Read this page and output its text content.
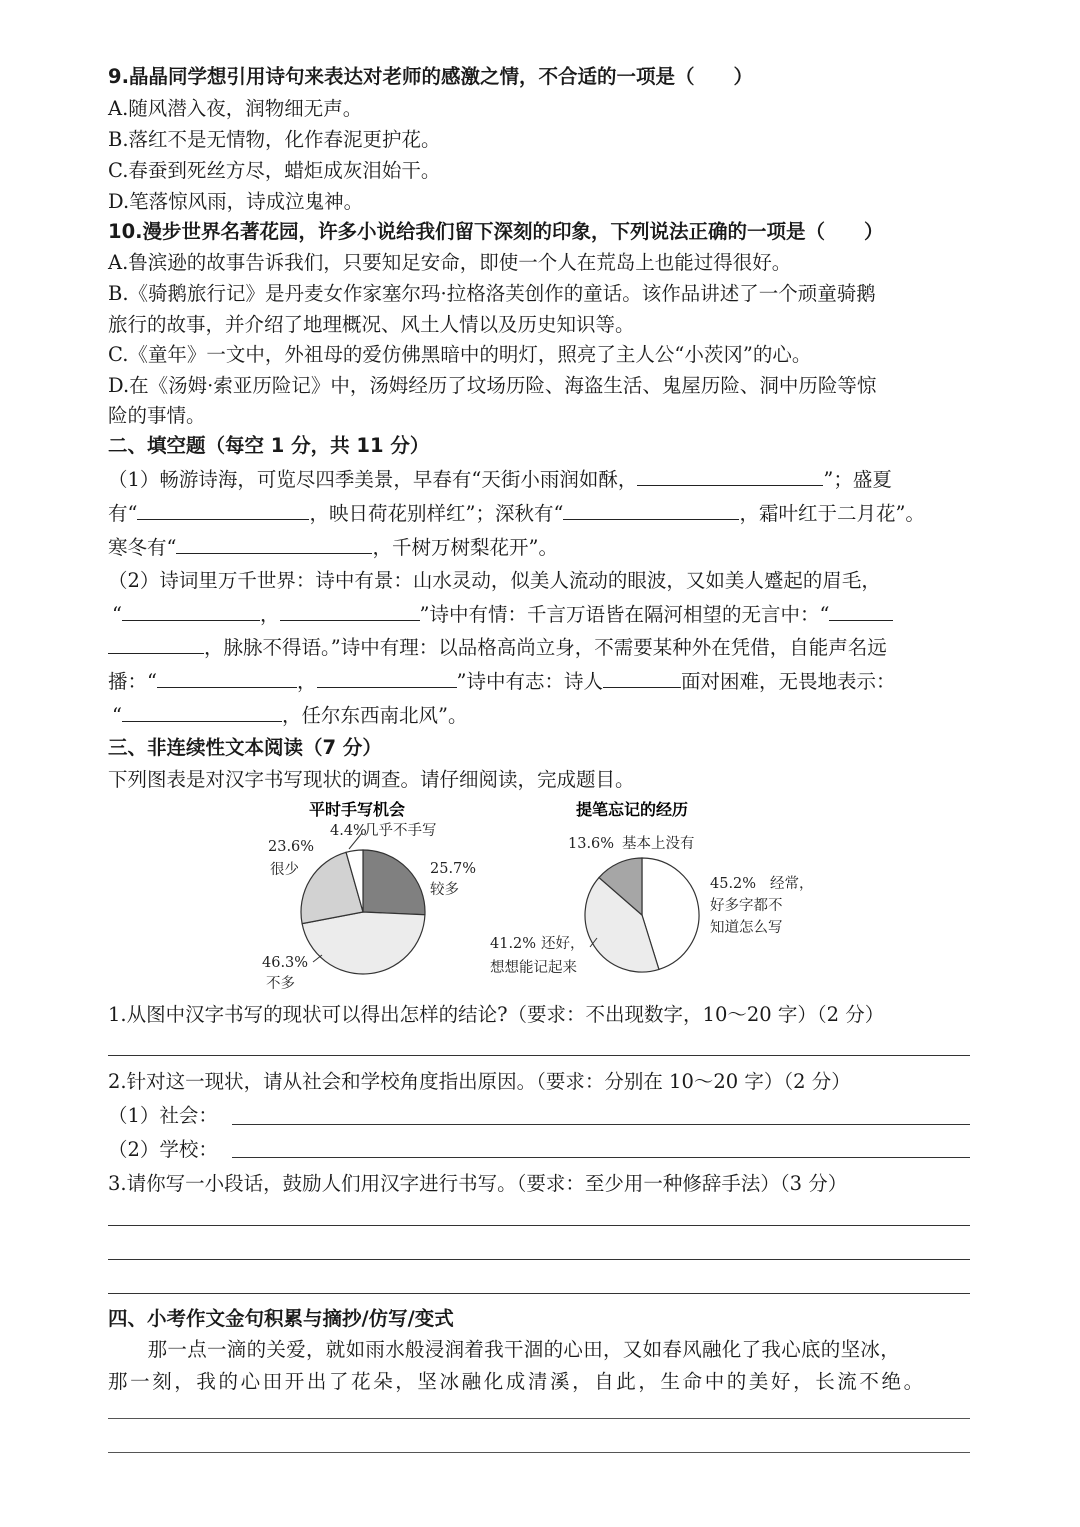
9.晶晶同学想引用诗句来表达对老师的感激之情，不合适的一项是（　　）
A.随风潜入夜，润物细无声。
B.落红不是无情物，化作春泥更护花。
C.春蚕到死丝方尽，蜡炬成灰泪始干。
D.笔落惊风雨，诗成泣鬼神。
10.漫步世界名著花园，许多小说给我们留下深刻的印象，下列说法正确的一项是（　　）
A.鲁滨逊的故事告诉我们，只要知足安命，即使一个人在荒岛上也能过得很好。
B.《骑鹅旅行记》是丹麦女作家塞尔玛·拉格洛芙创作的童话。该作品讲述了一个顽童骑鹅
旅行的故事，并介绍了地理概况、风土人情以及历史知识等。
C.《童年》一文中，外祖母的爱仿佛黑暗中的明灯，照亮了主人公“小茨冈”的心。
D.在《汤姆·索亚历险记》中，汤姆经历了坟场历险、海盗生活、鬼屋历险、洞中历险等惊
险的事情。
二、填空题（每空 1 分，共 11 分）
（1）畅游诗海，可览尽四季美景，早春有“天街小雨润如酥，	”；盛夏
有“	，映日荷花别样红”；深秋有“	，霜叶红于二月花”。
寒冬有“	，千树万树梨花开”。
（2）诗词里万千世界：诗中有景：山水灵动，似美人流动的眼波，又如美人蹙起的眉毛，
“	，	”诗中有情：千言万语皆在隔河相望的无言中：“
，脉脉不得语。”诗中有理：以品格高尚立身，不需要某种外在凭借，自能声名远
播：“	，	”诗中有志：诗人	面对困难，无畏地表示：
“	，任尔东西南北风”。
三、非连续性文本阅读（7 分）
下列图表是对汉字书写现状的调查。请仔细阅读，完成题目。
平时手写机会	提笔忘记的经历
4.4%
几乎不手写
23.6%
很少	25.7%
较多
46.3%
不多
13.6% 基本上没有
45.2% 经常，
好多字都不
知道怎么写
41.2% 还好，
想想能记起来
1.从图中汉字书写的现状可以得出怎样的结论?（要求：不出现数字，10～20 字）（2 分）
2.针对这一现状，请从社会和学校角度指出原因。（要求：分别在 10～20 字）（2 分）
（1）社会：
（2）学校：
3.请你写一小段话，鼓励人们用汉字进行书写。（要求：至少用一种修辞手法）（3 分）
四、小考作文金句积累与摘抄/仿写/变式
　　那一点一滴的关爱，就如雨水般浸润着我干涸的心田，又如春风融化了我心底的坚冰，
那一刻，我的心田开出了花朵，坚冰融化成清溪，自此，生命中的美好，长流不绝。
